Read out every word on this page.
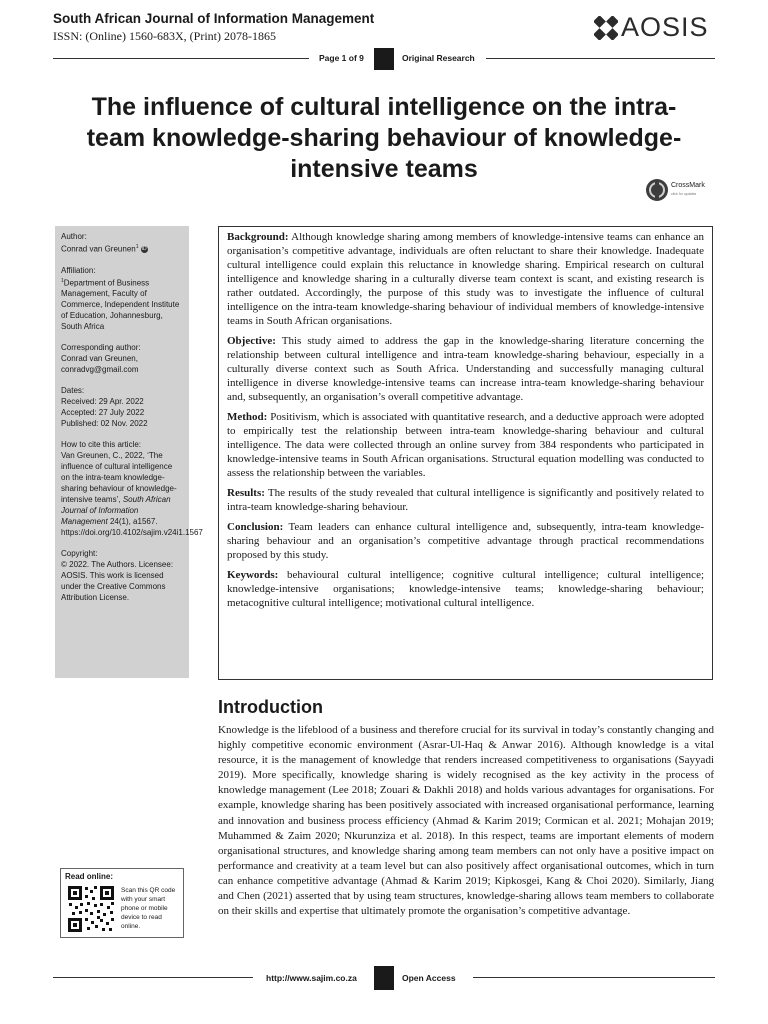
South African Journal of Information Management
ISSN: (Online) 1560-683X, (Print) 2078-1865	AOSIS
Page 1 of 9	Original Research
The influence of cultural intelligence on the intra-team knowledge-sharing behaviour of knowledge-intensive teams
CrossMark
click for updates

Author:

Conrad van Greunen$^1$ iD

Affiliation:

$^1$Department of Business Management, Faculty of Commerce, Independent Institute of Education, Johannesburg, South Africa

Corresponding author:

Conrad van Greunen,

conradvg@gmail.com

Dates:

Received: 29 Apr. 2022

Accepted: 27 July 2022

Published: 02 Nov. 2022

How to cite this article:

Van Greunen, C., 2022, ‘The influence of cultural intelligence on the intra-team knowledge-sharing behaviour of knowledge-intensive teams’, South African Journal of Information Management 24(1), a1567. https://doi.org/10.4102/sajim.v24i1.1567

Copyright:

© 2022. The Authors. Licensee: AOSIS. This work is licensed under the Creative Commons Attribution License.

Read online:
Scan this QR code with your smart phone or mobile device to read online.

Background: Although knowledge sharing among members of knowledge-intensive teams can enhance an organisation’s competitive advantage, individuals are often reluctant to share their knowledge. Inadequate cultural intelligence could explain this reluctance in knowledge sharing. Empirical research on cultural intelligence and knowledge sharing in a culturally diverse team context is scant, and existing research is rather outdated. Accordingly, the purpose of this study was to investigate the influence of cultural intelligence on the intra-team knowledge-sharing behaviour of individual members of knowledge-intensive teams in South African organisations.

Objective: This study aimed to address the gap in the knowledge-sharing literature concerning the relationship between cultural intelligence and intra-team knowledge-sharing behaviour, especially in a culturally diverse context such as South Africa. Understanding and successfully managing cultural intelligence in diverse knowledge-intensive teams can increase intra-team knowledge-sharing behaviour and, subsequently, an organisation’s overall competitive advantage.

Method: Positivism, which is associated with quantitative research, and a deductive approach were adopted to empirically test the relationship between intra-team knowledge-sharing behaviour and cultural intelligence. The data were collected through an online survey from 384 respondents who participated in knowledge-intensive teams in South African organisations. Structural equation modelling was conducted to assess the relationship between the variables.

Results: The results of the study revealed that cultural intelligence is significantly and positively related to intra-team knowledge-sharing behaviour.

Conclusion: Team leaders can enhance cultural intelligence and, subsequently, intra-team knowledge-sharing behaviour and an organisation’s competitive advantage through practical recommendations proposed by this study.

Keywords: behavioural cultural intelligence; cognitive cultural intelligence; cultural intelligence; knowledge-intensive organisations; knowledge-intensive teams; knowledge-sharing behaviour; metacognitive cultural intelligence; motivational cultural intelligence.

Introduction

Knowledge is the lifeblood of a business and therefore crucial for its survival in today’s constantly changing and highly competitive economic environment (Asrar-Ul-Haq & Anwar 2016). Although knowledge is a vital resource, it is the management of knowledge that renders increased competitiveness to organisations (Sayyadi 2019). More specifically, knowledge sharing is widely recognised as the key activity in the process of knowledge management (Lee 2018; Zouari & Dakhli 2018) and holds various advantages for organisations. For example, knowledge sharing has been positively associated with increased organisational performance, learning and innovation and business process efficiency (Ahmad & Karim 2019; Cormican et al. 2021; Mohajan 2019; Muhammed & Zaim 2020; Nkurunziza et al. 2018). In this respect, teams are important elements of modern organisational structures, and knowledge sharing among team members can not only have a positive impact on performance and creativity at a team level but can also positively affect organisational outcomes, which in turn can enhance competitive advantage (Ahmad & Karim 2019; Kipkosgei, Kang & Choi 2020). Similarly, Jiang and Chen (2021) asserted that by using team structures, knowledge-sharing allows team members to collaborate on their skills and expertise that ultimately promote the organisation’s competitive advantage.

http://www.sajim.co.za	Open Access
